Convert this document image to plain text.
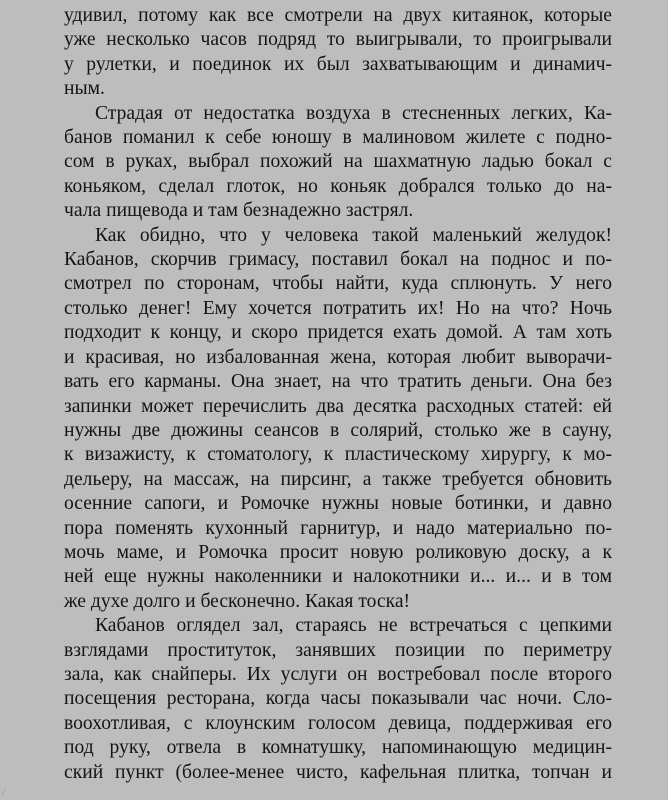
удивил, потому как все смотрели на двух китаянок, которые
уже несколько часов подряд то выигрывали, то проигрывали
у рулетки, и поединок их был захватывающим и динамич-
ным.

Страдая от недостатка воздуха в стесненных легких, Ка-
банов поманил к себе юношу в малиновом жилете с подно-
сом в руках, выбрал похожий на шахматную ладью бокал с
коньяком, сделал глоток, но коньяк добрался только до на-
чала пищевода и там безнадежно застрял.

Как обидно, что у человека такой маленький желудок!
Кабанов, скорчив гримасу, поставил бокал на поднос и по-
смотрел по сторонам, чтобы найти, куда сплюнуть. У него
столько денег! Ему хочется потратить их! Но на что? Ночь
подходит к концу, и скоро придется ехать домой. А там хоть
и красивая, но избалованная жена, которая любит выворачи-
вать его карманы. Она знает, на что тратить деньги. Она без
запинки может перечислить два десятка расходных статей: ей
нужны две дюжины сеансов в солярий, столько же в сауну,
к визажисту, к стоматологу, к пластическому хирургу, к мо-
дельеру, на массаж, на пирсинг, а также требуется обновить
осенние сапоги, и Ромочке нужны новые ботинки, и давно
пора поменять кухонный гарнитур, и надо материально по-
мочь маме, и Ромочка просит новую роликовую доску, а к
ней еще нужны наколенники и налокотники и... и... и в том
же духе долго и бесконечно. Какая тоска!

Кабанов оглядел зал, стараясь не встречаться с цепкими
взглядами проституток, занявших позиции по периметру
зала, как снайперы. Их услуги он востребовал после второго
посещения ресторана, когда часы показывали час ночи. Сло-
воохотливая, с клоунским голосом девица, поддерживая его
под руку, отвела в комнатушку, напоминающую медицин-
ский пункт (более-менее чисто, кафельная плитка, топчан и

⁄
